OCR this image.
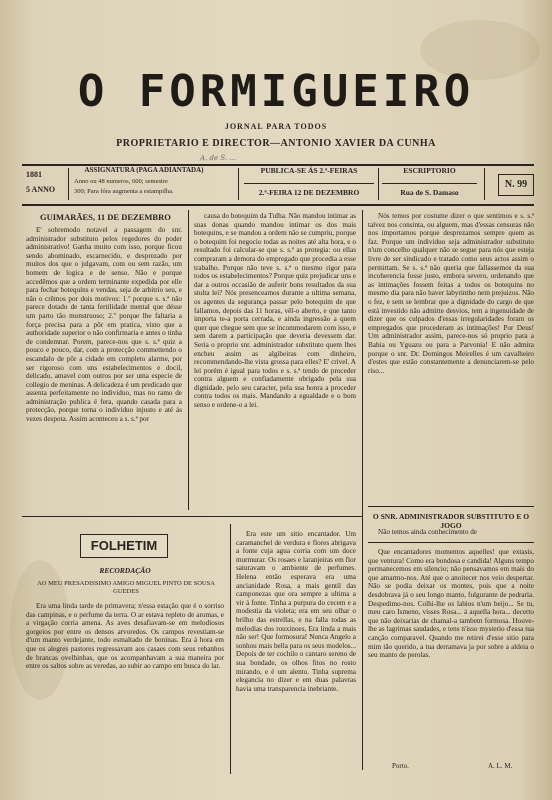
O FORMIGUEIRO
JORNAL PARA TODOS
PROPRIETARIO E DIRECTOR—ANTONIO XAVIER DA CUNHA
A. de S. ...
1881
5 ANNO
ASSIGNATURA (PAGA ADIANTADA)
Anno ou 48 numeros, 600; semestre
300; Para fóra augmenta a estampilha.
PUBLICA-SE ÁS 2.ª-FEIRAS
2.ª-FEIRA 12 DE DEZEMBRO
ESCRIPTORIO
Rua de S. Damaso
N. 99
GUIMARÃES, 11 DE DEZEMBRO

E' sobremodo notavel a passagem do snr. administrador substituto pelos regedores do poder administrativo! Ganha muito com isso, porque ficou sendo abominado, escarnecido, e desprezado por muitos dos que o julgavam, com ou sem razão, um homem de logica e de senso. Não e porque accedêmos que a ordem terminante expedida por elle para fechar botequins e vendas, seja de arbitrio seu, e não o crêmos por dois motivos: 1.º porque s. s.ª não parece dotado de tanta fertilidade mental que désse um parto tão monstruoso; 2.º porque lhe faltaria a força precisa para a pôr em pratica, visto que a authoridade superior o não confirmaria e antes o tinha de condemnar. Porem, parece-nos que s. s.ª quiz a pouco e pouco, dar, com a protecção commettendo o escandalo de pôr a cidade em completo alarme, por ser rigoroso com uns estabelecimentos e docil, delicado, amavel com outros por ser uma especie de collegio de meninas. A delicadeza é um predicado que assenta perfeitamente no individuo, mas no ramo de administração publica é fera, quando casada para a protecção, porque torna o individuo injusto e até ás vezes despota. Assim aconteceu a s. s.ª por

causa do botequim da Tulha. Não mandou intimar as suas donas quando mandou intimar os dos mais botequins, e se mandou a ordem não se cumpriu, porque o botequim foi negocio todas as noites até alta hora, e o resultado foi calcular-se que s. s.ª as protegia: ou ellas compraram a demora do empregado que procedia a esse trabalho. Porque não teve s. s.ª o mesmo rigor para todos os estabelecimentos? Porque quiz prejudicar uns e dar a outros occasião de auferir bons resultados da sua stulta lei? Nós presenceamos durante a ultima semana, os agentes da segurança passar pelo botequim de que fallamos, depois das 11 horas, vêl-o aberto, e que tanto importa te-a porta cerrada, e ainda ingressão a quem quer que chegue sem que se incommodarem com isso, e sem darem a participação que deveria devessem dar. Seria o proprio snr. administrador substituto quem lhes encheu assim as algibeiras com dinheiro, recommendando-lhe vista grossa para elles? E' crivel. A lei porém é igual para todos e s. s.ª tendo de proceder contra alguem e confiadamente obrigado pela sua dignidade, pelo seu caracter, pela sua honra a proceder contra todos os mais. Mandando a egualdade e o bom senso e ordene-o a lei.

Nós temos por costume dizer o que sentimos e s. s.ª talvez nos consinta, ou alguem, mas d'essas censuras não nos importamos porque desprezamos sempre quem as faz. Porque um individuo seja administrador substituto n'um concelho qualquer não se segue para nós que esteja livre de ser sindicado e tratado como seus actos assim o permittam. Se s. s.ª não queria que fallassemos da sua incoherencia fosse justo, embora severo, ordenando que as intimações fossem feitas a todos os botequins no mesmo dia para não haver labyrintho nem prejuizos. Não o fez, e sem se lembrar que a dignidade do cargo de que está investido não admitte desvios, tem a ingenuidade de dizer que os culpados d'essas irregularidades foram os empregados que procederam as intimações! Por Deus! Um administrador assim, parece-nos só proprio para a Bahia ou Yguazu ou para a Parvonia! E não admira porque o snr. Dr. Domingos Meirelles é um cavalheiro d'estes que estão constantemente a denunciarem-se pelo riso...

O SNR. ADMINISTRADOR SUBSTITUTO E O JOGO

Não temos ainda conhecimento de

FOLHETIM
RECORDAÇÃO
AO MEU PRESADISSIMO AMIGO MIGUEL PINTO DE SOUSA GUEDES

Era uma linda tarde de primavera; n'essa estação que é o sorriso das campinas, e o perfume da terra. O ar estava repleto de aromas, e a virgação corria amena. As aves desafiavam-se em melodiosos gorgeios por entre os densos arvoredos. Os campos revestiam-se d'um manto verdejante, todo esmaltado de boninas. Era á hora em que os alegres pastores regressavam aos casaes com seus rebanhos de brancas ovelhinhas, que os acompanhavam a sua maneira por entre os saltos sobre as veredas, ao subir ao campo em busca do lar.

Era este um sitio encantador. Um caramanchel de verdura e flores abrigava a fonte cuja agua corria com um doce murmurar. Os rosaes e laranjeiras em flor saturavam o ambiente de perfumes. Helena então esperava era uma ancianidade Rosa, a mais gentil das camponezas que ora sempre a ultima a vir á fonte. Tinha a purpura do cecem e a modestia da violeta; era em seu olhar o brilho das estrellas, e na falla todas as melodias dos rouxinoes, Era linda a mais não ser! Que formosura! Nunca Angelo a sonhou mais bella para os seus modelos... Depois de ter cochilo o cantaro sereno de sua bondade, os olhos fitos no rosto mirando, e é um alento. Tinha suprema elegancia no dizer e em duas palavras havia uma transparencia inebriante.

Que encantadores momentos aquelles! que extasis, que ventura! Como era bondosa e candida! Alguns tempo permanecemos em silencio; não pensavamos em mais do que amarmo-nos. Até que o anoitecer nos veio despertar. Não se podia deixar os montes, pois que a noite desdobrava já o seu longo manto, fulgurante de pedraria. Despedimo-nos. Colhi-lhe os labios n'um beijo... Se tu, meu caro Ismeno, visses Rosa... á aquella hora... decerto que não deixarias de chamal-a tambem formosa. Houve-lhe as lagrimas saudades, e tens n'isso mysterio d'essa tua canção comparavel. Quando me retirei d'esse sitio para mim tão querido, a tua derramava ja por sobre a aldeia o seu manto de perolas.

Porto.	A. L. M.
